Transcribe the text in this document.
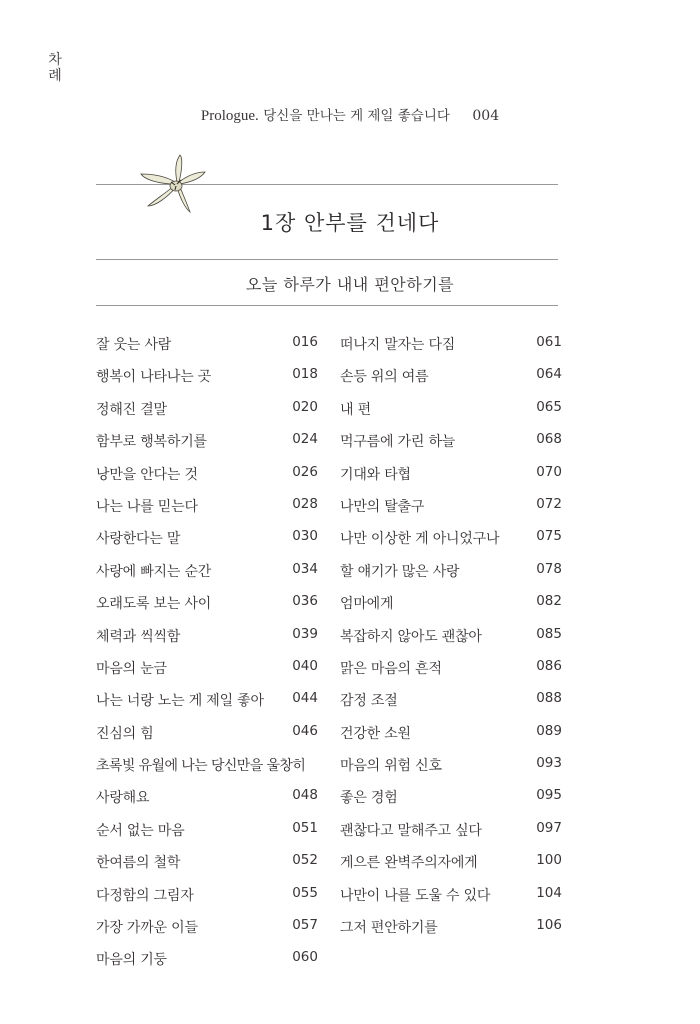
차
례
Prologue. 당신을 만나는 게 제일 좋습니다 004
1장 안부를 건네다
오늘 하루가 내내 편안하기를
잘 웃는 사람	016
행복이 나타나는 곳	018
정해진 결말	020
함부로 행복하기를	024
낭만을 안다는 것	026
나는 나를 믿는다	028
사랑한다는 말	030
사랑에 빠지는 순간	034
오래도록 보는 사이	036
체력과 씩씩함	039
마음의 눈금	040
나는 너랑 노는 게 제일 좋아	044
진심의 힘	046
초록빛 유월에 나는 당신만을 울창히
사랑해요	048
순서 없는 마음	051
한여름의 철학	052
다정함의 그림자	055
가장 가까운 이들	057
마음의 기둥	060
떠나지 말자는 다짐	061
손등 위의 여름	064
내 편	065
먹구름에 가린 하늘	068
기대와 타협	070
나만의 탈출구	072
나만 이상한 게 아니었구나	075
할 얘기가 많은 사랑	078
엄마에게	082
복잡하지 않아도 괜찮아	085
맑은 마음의 흔적	086
감정 조절	088
건강한 소원	089
마음의 위험 신호	093
좋은 경험	095
괜찮다고 말해주고 싶다	097
게으른 완벽주의자에게	100
나만이 나를 도울 수 있다	104
그저 편안하기를	106
